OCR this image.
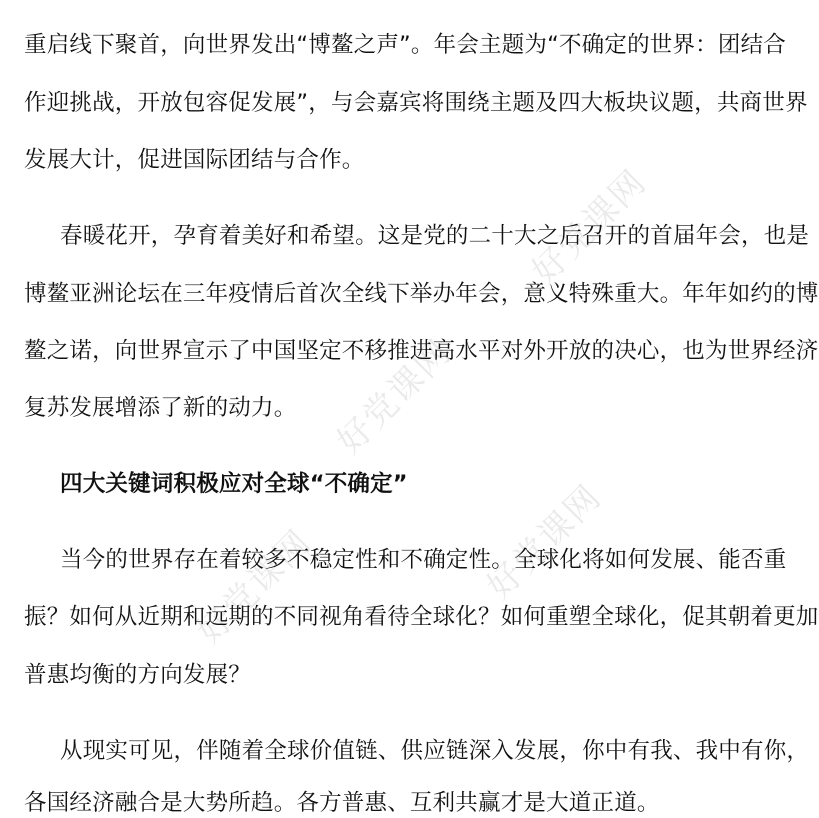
好党课网
好党课网
好党课网
好党课网
重启线下聚首，向世界发出“博鳌之声”。年会主题为“不确定的世界：团结合
作迎挑战，开放包容促发展”，与会嘉宾将围绕主题及四大板块议题，共商世界
发展大计，促进国际团结与合作。
春暖花开，孕育着美好和希望。这是党的二十大之后召开的首届年会，也是
博鳌亚洲论坛在三年疫情后首次全线下举办年会，意义特殊重大。年年如约的博
鳌之诺，向世界宣示了中国坚定不移推进高水平对外开放的决心，也为世界经济
复苏发展增添了新的动力。
四大关键词积极应对全球“不确定”
当今的世界存在着较多不稳定性和不确定性。全球化将如何发展、能否重
振？如何从近期和远期的不同视角看待全球化？如何重塑全球化，促其朝着更加
普惠均衡的方向发展？
从现实可见，伴随着全球价值链、供应链深入发展，你中有我、我中有你，
各国经济融合是大势所趋。各方普惠、互利共赢才是大道正道。
